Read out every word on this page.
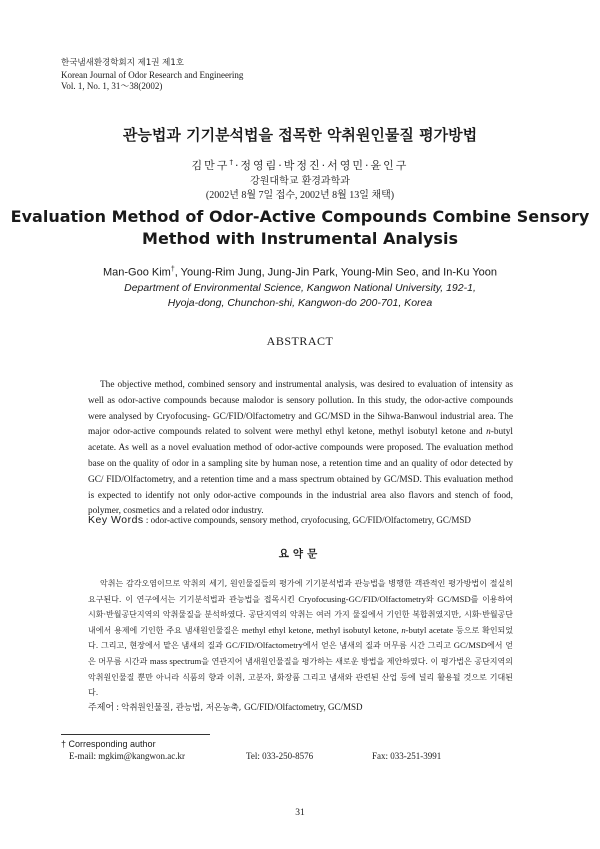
한국냄새환경학회지 제1권 제1호
Korean Journal of Odor Research and Engineering
Vol. 1, No. 1, 31～38(2002)
관능법과 기기분석법을 접목한 악취원인물질 평가방법
김만구†·정영림·박정진·서영민·윤인구
강원대학교 환경과학과
(2002년 8월 7일 접수, 2002년 8월 13일 채택)
Evaluation Method of Odor-Active Compounds Combine Sensory
Method with Instrumental Analysis
Man-Goo Kim†, Young-Rim Jung, Jung-Jin Park, Young-Min Seo, and In-Ku Yoon
Department of Environmental Science, Kangwon National University, 192-1,
Hyoja-dong, Chunchon-shi, Kangwon-do 200-701, Korea
ABSTRACT
The objective method, combined sensory and instrumental analysis, was desired to evaluation of intensity as well as odor-active compounds because malodor is sensory pollution. In this study, the odor-active compounds were analysed by Cryofocusing- GC/FID/Olfactometry and GC/MSD in the Sihwa-Banwoul industrial area. The major odor-active compounds related to solvent were methyl ethyl ketone, methyl isobutyl ketone and n-butyl acetate. As well as a novel evaluation method of odor-active compounds were proposed. The evaluation method base on the quality of odor in a sampling site by human nose, a retention time and an quality of odor detected by GC/ FID/Olfactometry, and a retention time and a mass spectrum obtained by GC/MSD. This evaluation method is expected to identify not only odor-active compounds in the industrial area also flavors and stench of food, polymer, cosmetics and a related odor industry.
Key Words : odor-active compounds, sensory method, cryofocusing, GC/FID/Olfactometry, GC/MSD
요약문
악취는 감각오염이므로 악취의 세기, 원인물질들의 평가에 기기분석법과 관능법을 병행한 객관적인 평가방법이 절실히 요구된다. 이 연구에서는 기기분석법과 관능법을 접목시킨 Cryofocusing-GC/FID/Olfactometry와 GC/MSD를 이용하여 시화·반월공단지역의 악취물질을 분석하였다. 공단지역의 악취는 여러 가지 물질에서 기인한 복합취였지만, 시화·반월공단 내에서 용제에 기인한 주요 냄새원인물질은 methyl ethyl ketone, methyl isobutyl ketone, n-butyl acetate 등으로 확인되었다. 그리고, 현장에서 맡은 냄새의 질과 GC/FID/Olfactometry에서 얻은 냄새의 질과 머무름 시간 그리고 GC/MSD에서 얻은 머무름 시간과 mass spectrum을 연관지어 냄새원인물질을 평가하는 새로운 방법을 제안하였다. 이 평가법은 공단지역의 악취원인물질 뿐만 아니라 식품의 향과 이취, 고분자, 화장품 그리고 냄새와 관련된 산업 등에 널리 활용될 것으로 기대된다.
주제어 : 악취원인물질, 관능법, 저온농축, GC/FID/Olfactometry, GC/MSD
† Corresponding author
E-mail: mgkim@kangwon.ac.kr	Tel: 033-250-8576	Fax: 033-251-3991
31
